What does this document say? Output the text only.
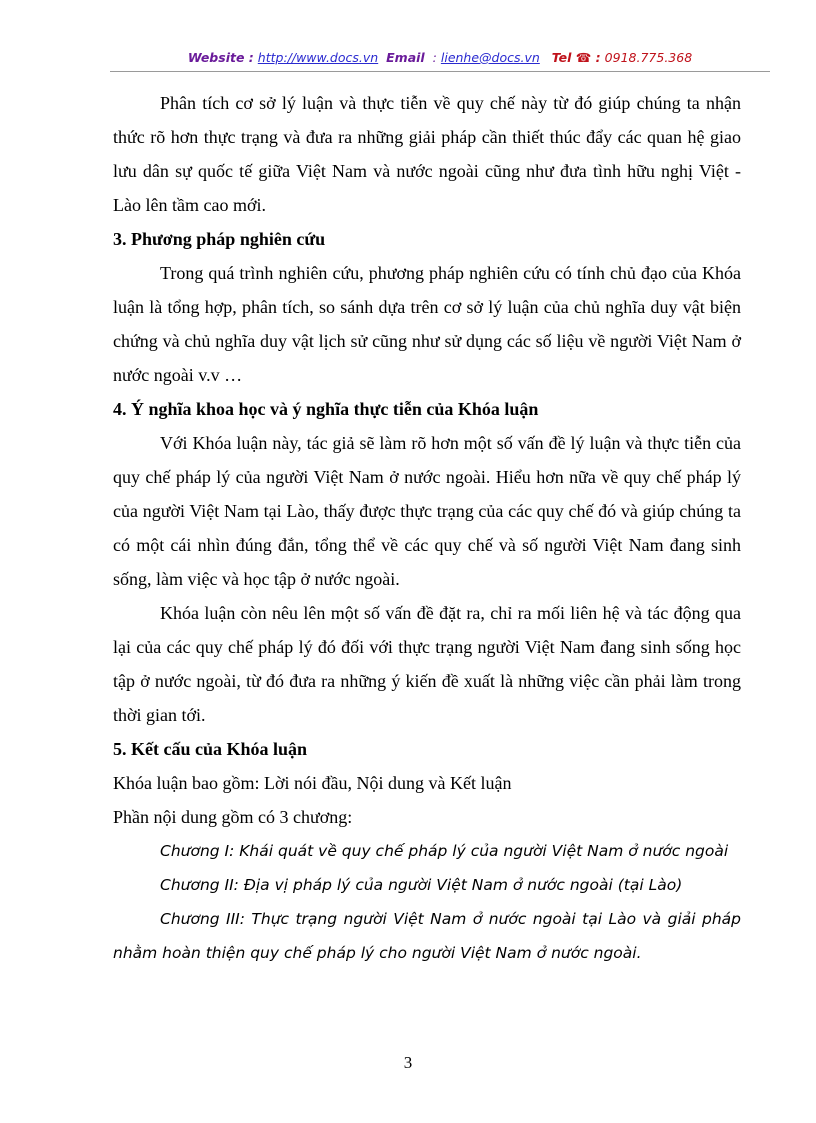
Website : http://www.docs.vn Email : lienhe@docs.vn Tel ☎ : 0918.775.368

Phân tích cơ sở lý luận và thực tiễn về quy chế này từ đó giúp chúng ta nhận thức rõ hơn thực trạng và đưa ra những giải pháp cần thiết thúc đẩy các quan hệ giao lưu dân sự quốc tế giữa Việt Nam và nước ngoài cũng như đưa tình hữu nghị Việt - Lào lên tầm cao mới.

3. Phương pháp nghiên cứu

Trong quá trình nghiên cứu, phương pháp nghiên cứu có tính chủ đạo của Khóa luận là tổng hợp, phân tích, so sánh dựa trên cơ sở lý luận của chủ nghĩa duy vật biện chứng và chủ nghĩa duy vật lịch sử cũng như sử dụng các số liệu về người Việt Nam ở nước ngoài v.v …

4. Ý nghĩa khoa học và ý nghĩa thực tiễn của Khóa luận

Với Khóa luận này, tác giả sẽ làm rõ hơn một số vấn đề lý luận và thực tiễn của quy chế pháp lý của người Việt Nam ở nước ngoài. Hiểu hơn nữa về quy chế pháp lý của người Việt Nam tại Lào, thấy được thực trạng của các quy chế đó và giúp chúng ta có một cái nhìn đúng đắn, tổng thể về các quy chế và số người Việt Nam đang sinh sống, làm việc và học tập ở nước ngoài.

Khóa luận còn nêu lên một số vấn đề đặt ra, chỉ ra mối liên hệ và tác động qua lại của các quy chế pháp lý đó đối với thực trạng người Việt Nam đang sinh sống học tập ở nước ngoài, từ đó đưa ra những ý kiến đề xuất là những việc cần phải làm trong thời gian tới.

5. Kết cấu của Khóa luận

Khóa luận bao gồm: Lời nói đầu, Nội dung và Kết luận

Phần nội dung gồm có 3 chương:

Chương I: Khái quát về quy chế pháp lý của người Việt Nam ở nước ngoài

Chương II: Địa vị pháp lý của người Việt Nam ở nước ngoài (tại Lào)

Chương III: Thực trạng người Việt Nam ở nước ngoài tại Lào và giải pháp nhằm hoàn thiện quy chế pháp lý cho người Việt Nam ở nước ngoài.

3
